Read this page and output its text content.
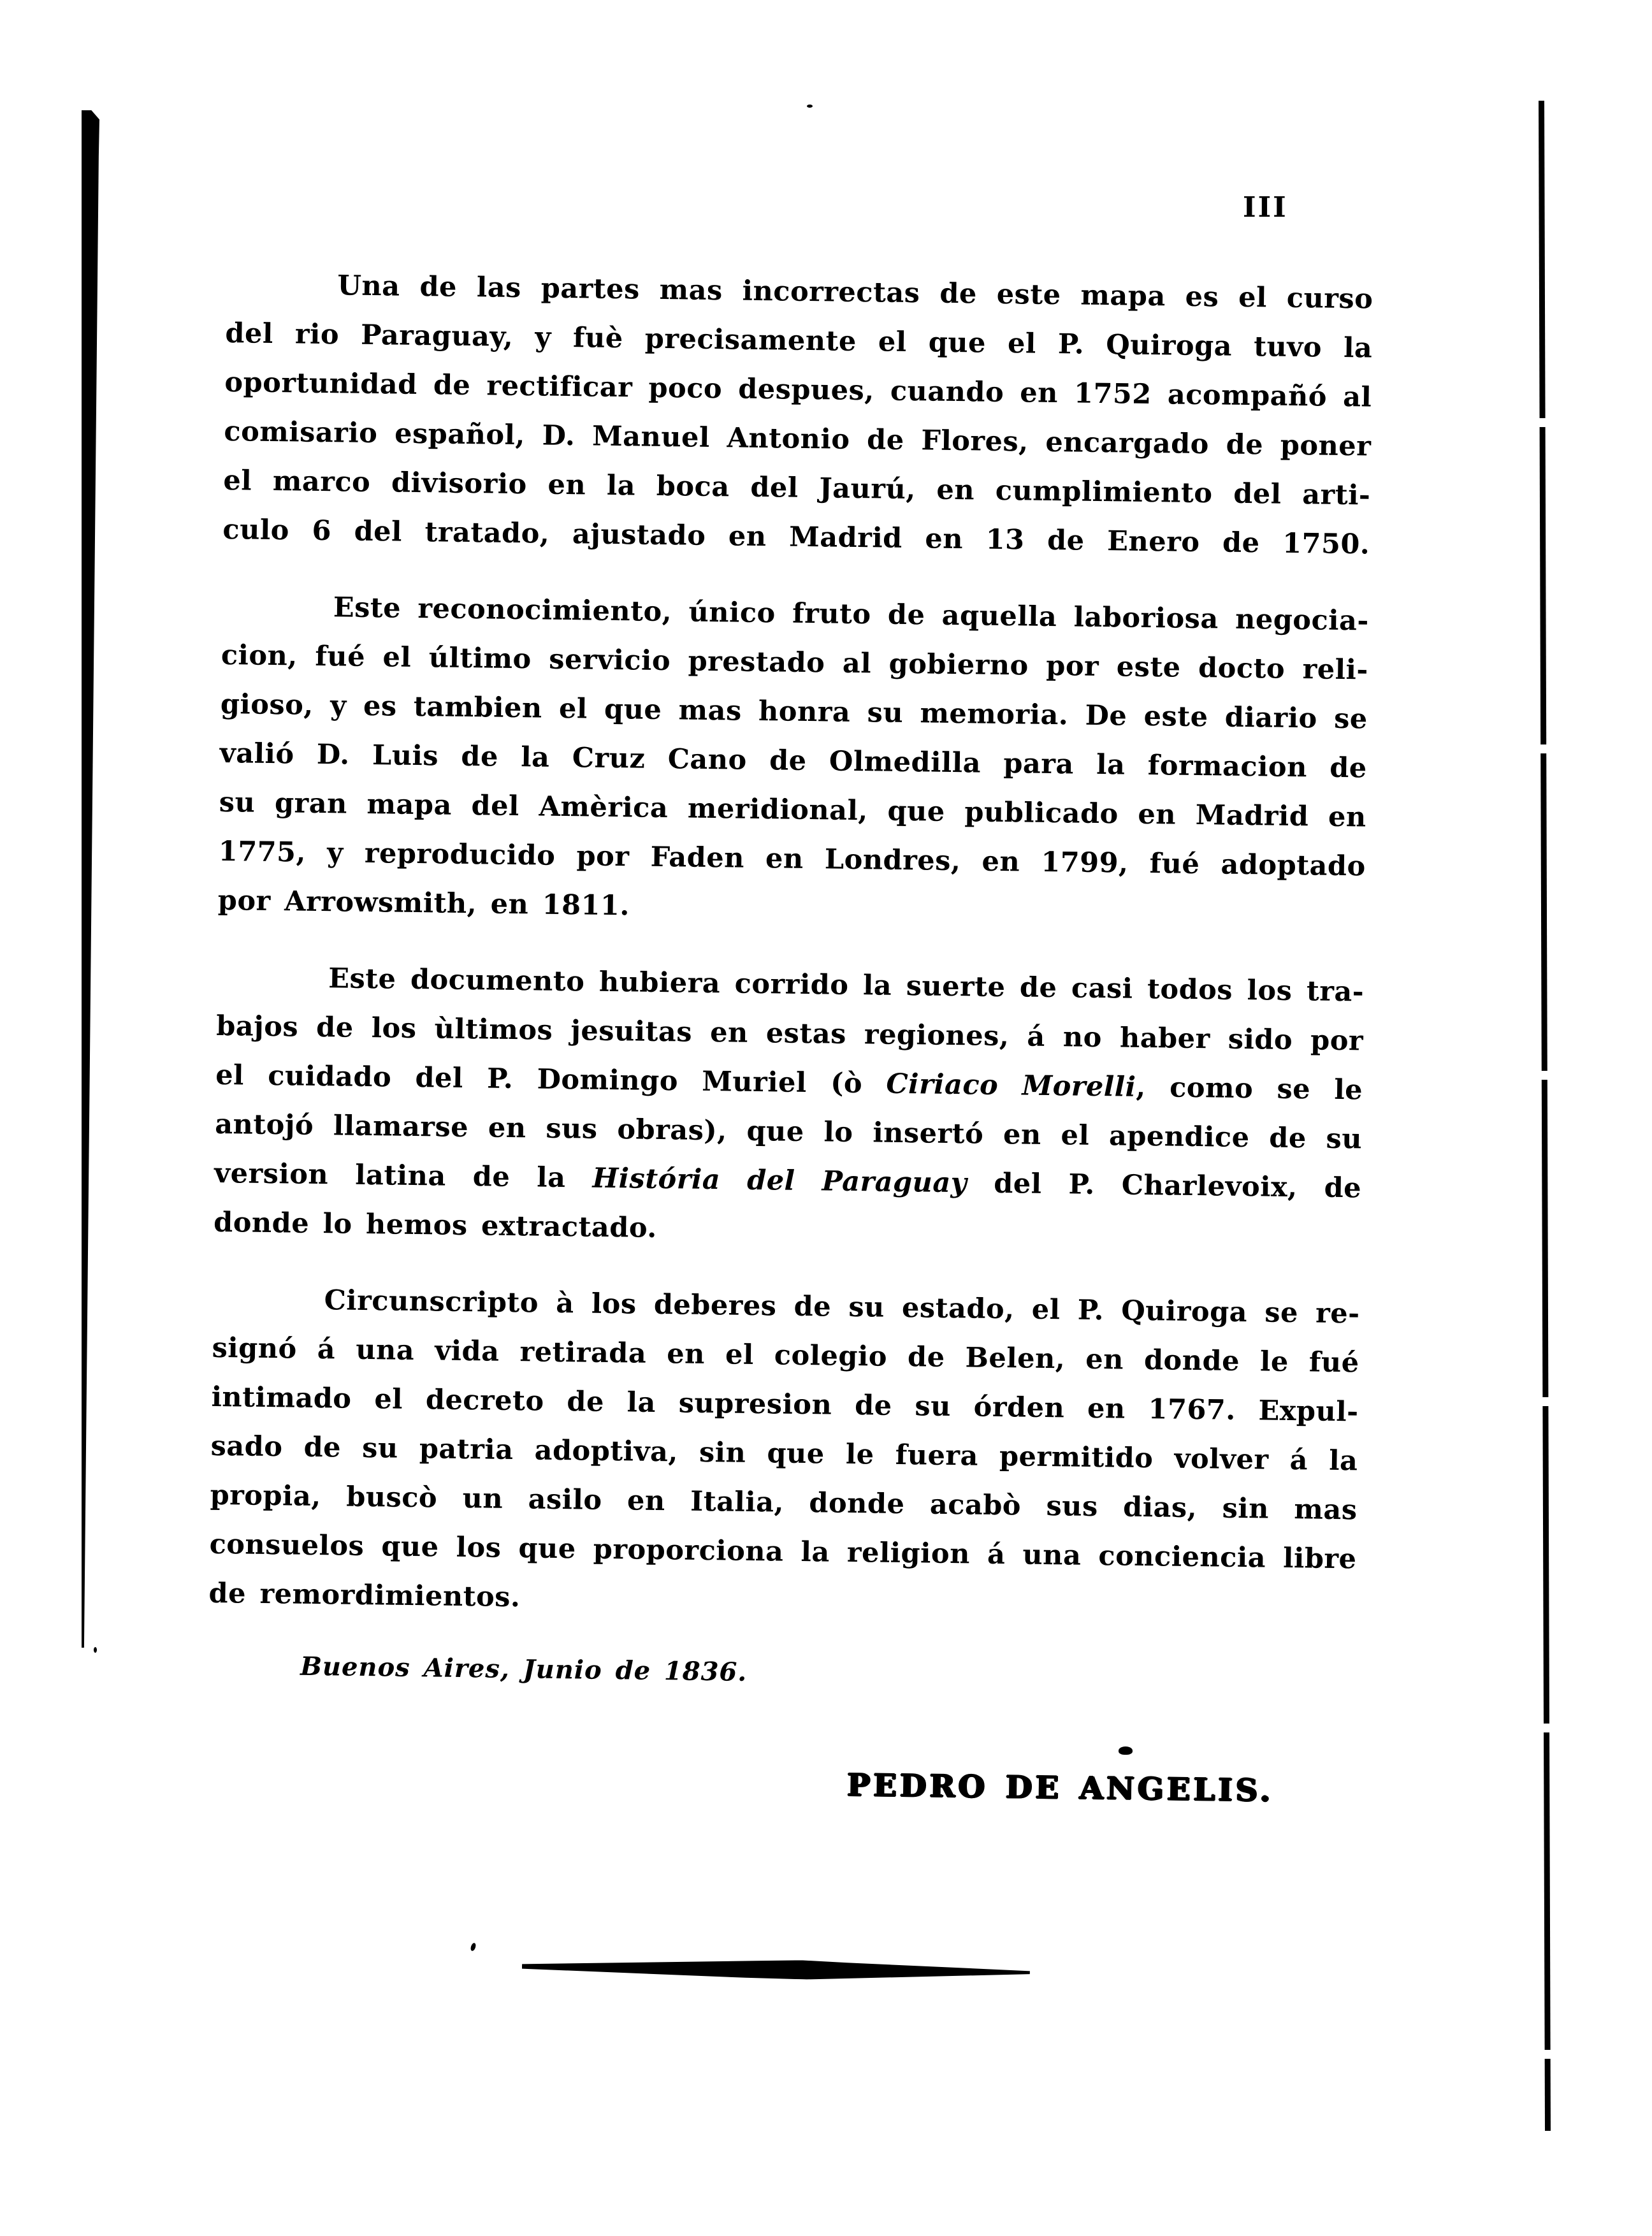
III
Una de las partes mas incorrectas de este mapa es el curso
del rio Paraguay, y fuè precisamente el que el P. Quiroga tuvo la
oportunidad de rectificar poco despues, cuando en 1752 acompañó al
comisario español, D. Manuel Antonio de Flores, encargado de poner
el marco divisorio en la boca del Jaurú, en cumplimiento del arti-
culo 6 del tratado, ajustado en Madrid en 13 de Enero de 1750.
Este reconocimiento, único fruto de aquella laboriosa negocia-
cion, fué el último servicio prestado al gobierno por este docto reli-
gioso, y es tambien el que mas honra su memoria. De este diario se
valió D. Luis de la Cruz Cano de Olmedilla para la formacion de
su gran mapa del Amèrica meridional, que publicado en Madrid en
1775, y reproducido por Faden en Londres, en 1799, fué adoptado
por Arrowsmith, en 1811.
Este documento hubiera corrido la suerte de casi todos los tra-
bajos de los ùltimos jesuitas en estas regiones, á no haber sido por
el cuidado del P. Domingo Muriel (ò Ciriaco Morelli, como se le
antojó llamarse en sus obras), que lo insertó en el apendice de su
version latina de la História del Paraguay del P. Charlevoix, de
donde lo hemos extractado.
Circunscripto à los deberes de su estado, el P. Quiroga se re-
signó á una vida retirada en el colegio de Belen, en donde le fué
intimado el decreto de la supresion de su órden en 1767. Expul-
sado de su patria adoptiva, sin que le fuera permitido volver á la
propia, buscò un asilo en Italia, donde acabò sus dias, sin mas
consuelos que los que proporciona la religion á una conciencia libre
de remordimientos.
Buenos Aires, Junio de 1836.
PEDRO DE ANGELIS.
